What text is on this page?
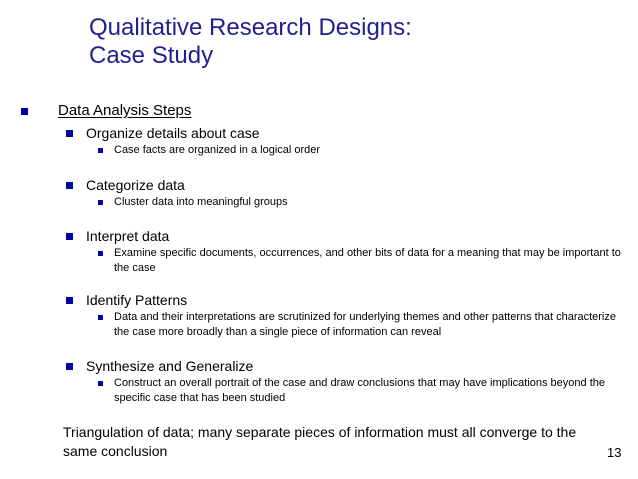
Qualitative Research Designs:
Case Study
Data Analysis Steps
Organize details about case
Case facts are organized in a logical order
Categorize data
Cluster data into meaningful groups
Interpret data
Examine specific documents, occurrences, and other bits of data for a meaning that may be important to the case
Identify Patterns
Data and their interpretations are scrutinized for underlying themes and other patterns that characterize the case more broadly than a single piece of information can reveal
Synthesize and Generalize
Construct an overall portrait of the case and draw conclusions that may have implications beyond the specific case that has been studied
Triangulation of data; many separate pieces of information must all converge to the same conclusion	13
